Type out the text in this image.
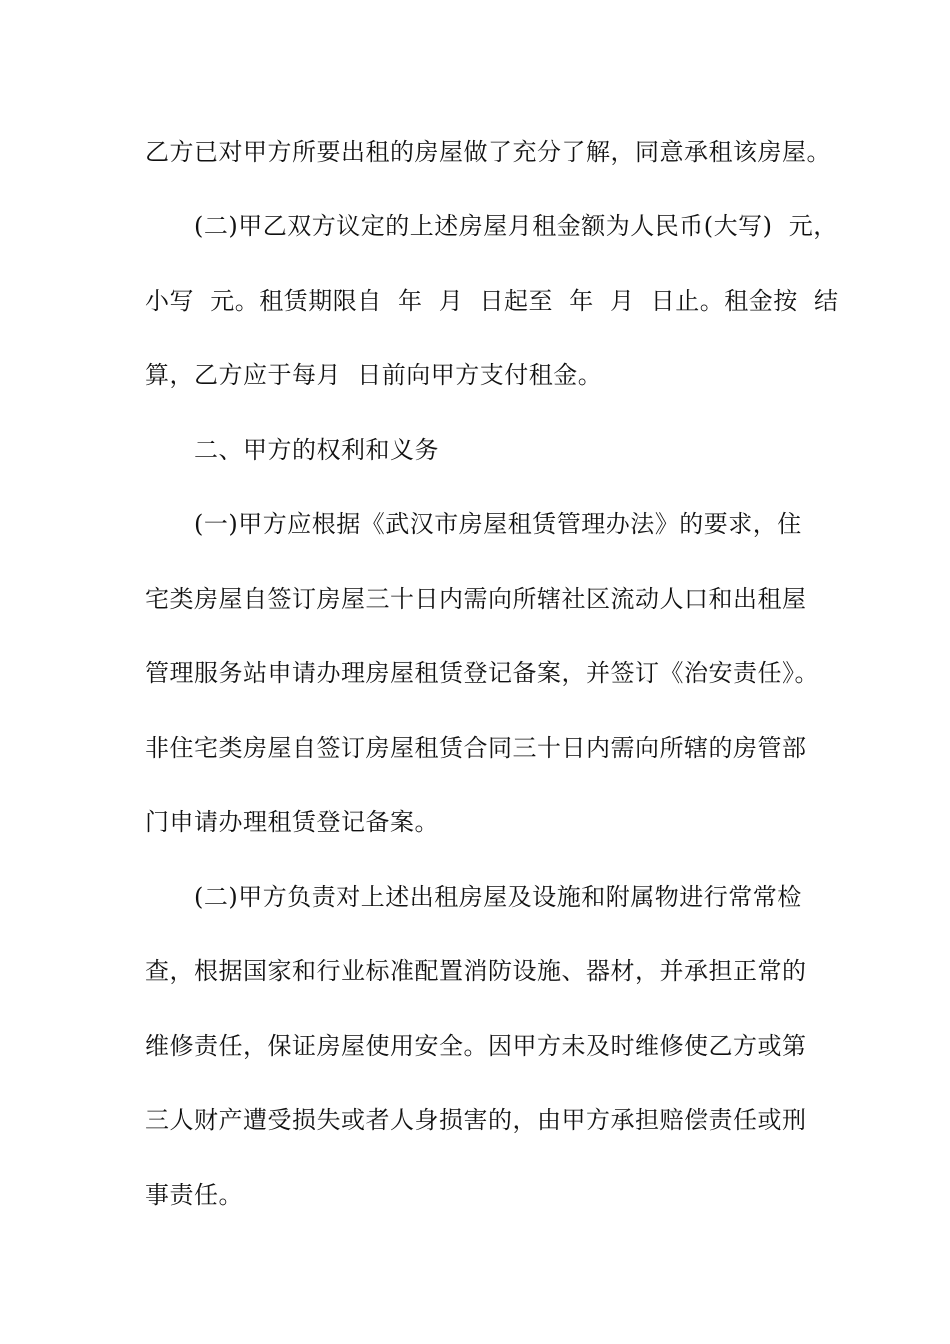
乙方已对甲方所要出租的房屋做了充分了解，同意承租该房屋。
(二)甲乙双方议定的上述房屋月租金额为人民币(大写)  元，
小写  元。租赁期限自  年  月  日起至  年  月  日止。租金按  结
算，乙方应于每月  日前向甲方支付租金。
二、甲方的权利和义务
(一)甲方应根据《武汉市房屋租赁管理办法》的要求，住
宅类房屋自签订房屋三十日内需向所辖社区流动人口和出租屋
管理服务站申请办理房屋租赁登记备案，并签订《治安责任》。
非住宅类房屋自签订房屋租赁合同三十日内需向所辖的房管部
门申请办理租赁登记备案。
(二)甲方负责对上述出租房屋及设施和附属物进行常常检
查，根据国家和行业标准配置消防设施、器材，并承担正常的
维修责任，保证房屋使用安全。因甲方未及时维修使乙方或第
三人财产遭受损失或者人身损害的，由甲方承担赔偿责任或刑
事责任。
